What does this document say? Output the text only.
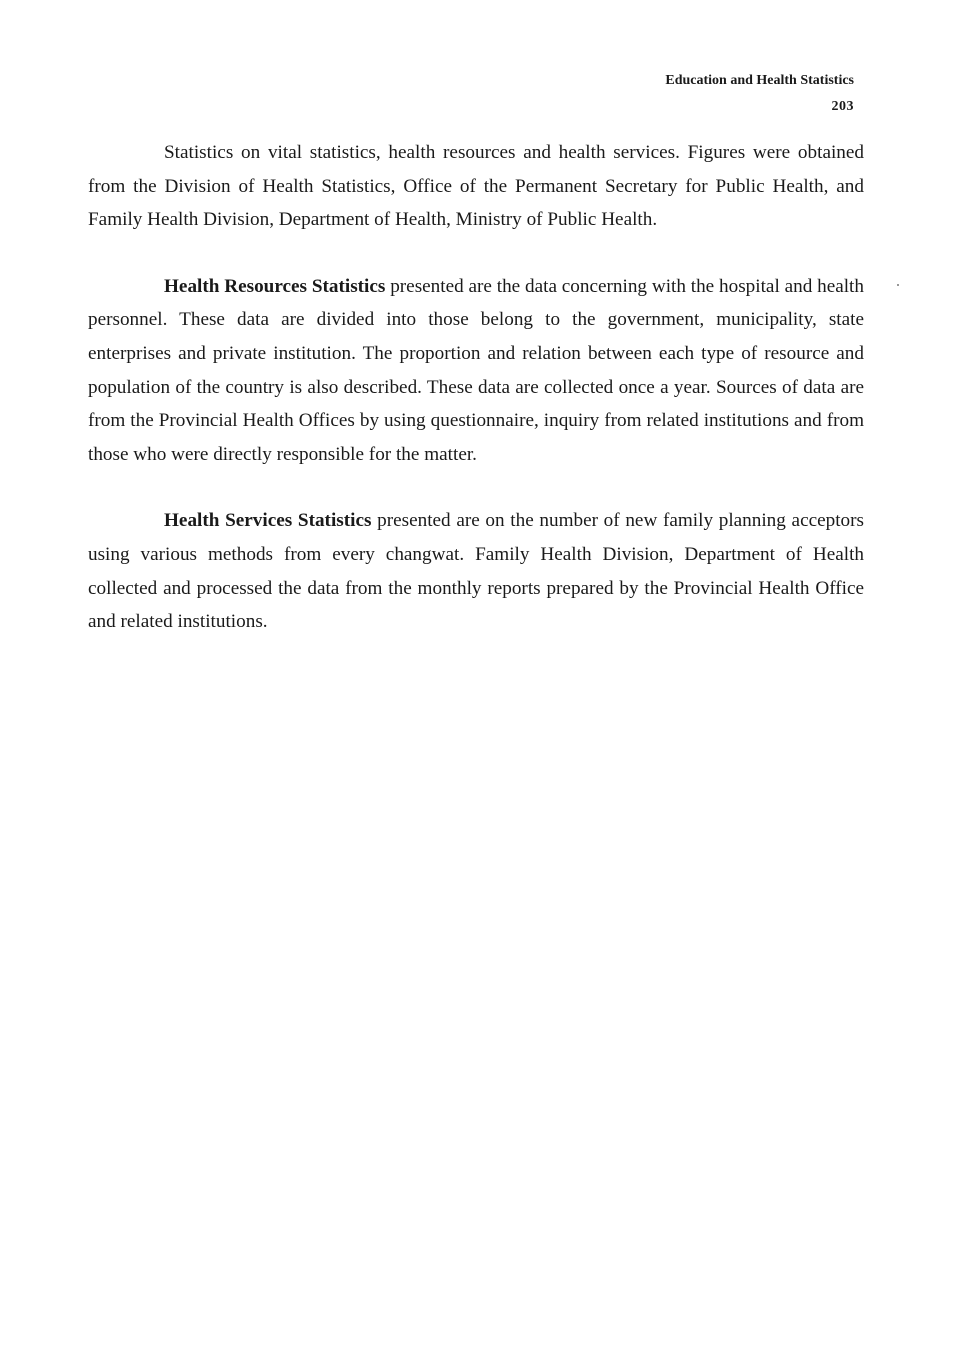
Education and Health Statistics
203

Statistics on vital statistics, health resources and health services. Figures were obtained from the Division of Health Statistics, Office of the Permanent Secretary for Public Health, and Family Health Division, Department of Health, Ministry of Public Health.

Health Resources Statistics presented are the data concerning with the hospital and health personnel. These data are divided into those belong to the government, municipality, state enterprises and private institution. The proportion and relation between each type of resource and population of the country is also described. These data are collected once a year. Sources of data are from the Provincial Health Offices by using questionnaire, inquiry from related institutions and from those who were directly responsible for the matter.

Health Services Statistics presented are on the number of new family planning acceptors using various methods from every changwat. Family Health Division, Department of Health collected and processed the data from the monthly reports prepared by the Provincial Health Office and related institutions.
